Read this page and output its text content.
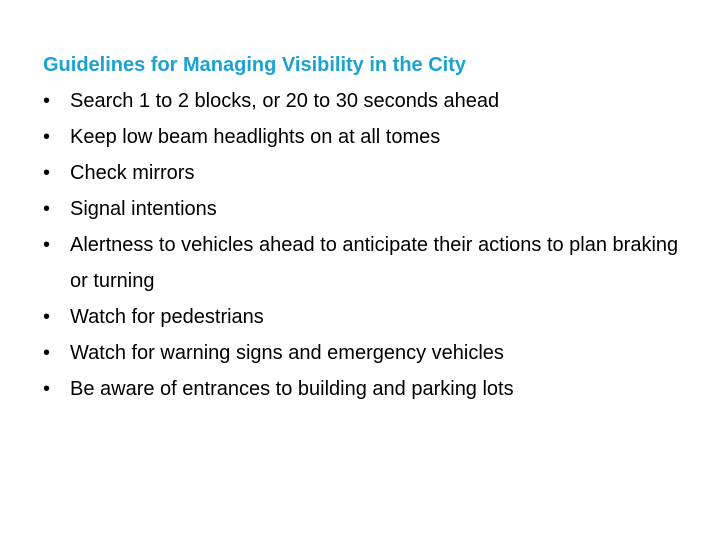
Guidelines for Managing Visibility in the City
• Search 1 to 2 blocks, or 20 to 30 seconds ahead
• Keep low beam headlights on at all tomes
• Check mirrors
• Signal intentions
• Alertness to vehicles ahead to anticipate their actions to plan braking or turning
• Watch for pedestrians
• Watch for warning signs and emergency vehicles
• Be aware of entrances to building and parking lots
